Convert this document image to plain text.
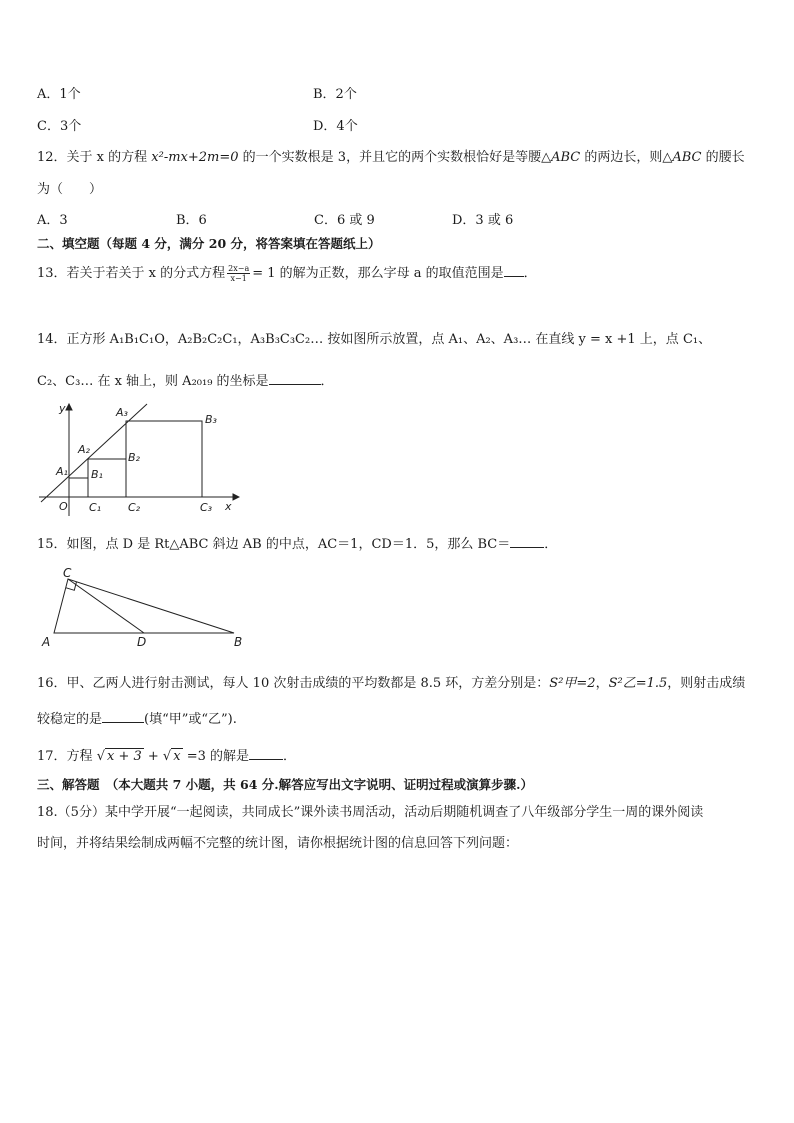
A．1个	B．2个
C．3个	D．4个
12．关于 x 的方程 x²-mx+2m=0 的一个实数根是 3，并且它的两个实数根恰好是等腰△ABC 的两边长，则△ABC 的腰长
为（　　）
A．3	B．6	C．6 或 9	D．3 或 6
二、填空题（每题 4 分，满分 20 分，将答案填在答题纸上）
13．若关于若关于 x 的分式方程 $\frac{2x-a}{x-1} = 1$ 的解为正数，那么字母 a 的取值范围是 ．
14．正方形 A₁B₁C₁O，A₂B₂C₂C₁，A₃B₃C₃C₂… 按如图所示放置，点 A₁、A₂、A₃… 在直线 y = x +1 上，点 C₁、
C₂、C₃… 在 x 轴上，则 A₂₀₁₉ 的坐标是	．
y	A₃
B₃
A₂
B₂
A₁ B₁
O C₁ C₂	C₃ x
15．如图，点 D 是 Rt△ABC 斜边 AB 的中点，AC＝1，CD＝1．5，那么 BC＝	．
C
A	D	B
16．甲、乙两人进行射击测试，每人 10 次射击成绩的平均数都是 8.5 环，方差分别是：S²甲=2，S²乙=1.5，则射击成绩
较稳定的是	(填“甲”或“乙”).
17．方程 √ x + 3 + √ x =3 的解是	．
三、解答题　（本大题共 7 小题，共 64 分.解答应写出文字说明、证明过程或演算步骤.）
18.（5分）某中学开展“一起阅读，共同成长”课外读书周活动，活动后期随机调查了八年级部分学生一周的课外阅读
时间，并将结果绘制成两幅不完整的统计图，请你根据统计图的信息回答下列问题：
